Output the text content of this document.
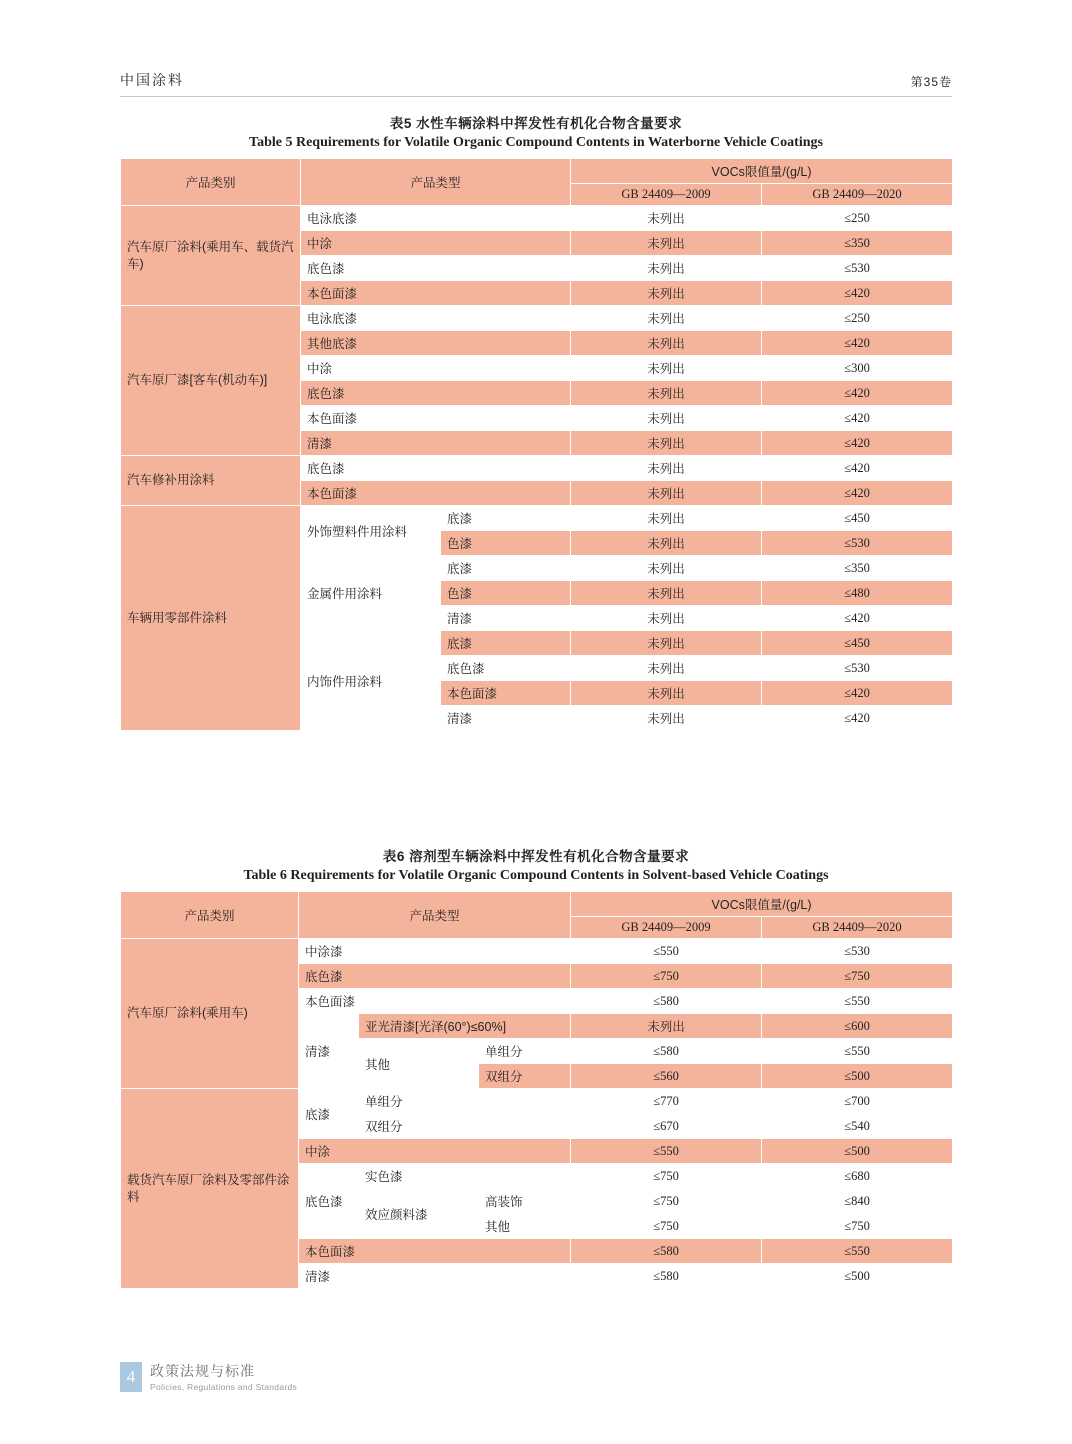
中国涂料	第35卷
表5 水性车辆涂料中挥发性有机化合物含量要求
Table 5 Requirements for Volatile Organic Compound Contents in Waterborne Vehicle Coatings
产品类别	产品类型		VOCs限值量/(g/L)	
			GB 24409—2009	GB 24409—2020
汽车原厂涂料(乘用车、载货汽车)	电泳底漆		未列出	≤250
	中涂		未列出	≤350
	底色漆		未列出	≤530
	本色面漆		未列出	≤420
汽车原厂漆[客车(机动车)]	电泳底漆		未列出	≤250
	其他底漆		未列出	≤420
	中涂		未列出	≤300
	底色漆		未列出	≤420
	本色面漆		未列出	≤420
	清漆		未列出	≤420
汽车修补用涂料	底色漆		未列出	≤420
	本色面漆		未列出	≤420
车辆用零部件涂料	外饰塑料件用涂料	底漆	未列出	≤450
		色漆	未列出	≤530
	金属件用涂料	底漆	未列出	≤350
		色漆	未列出	≤480
		清漆	未列出	≤420
	内饰件用涂料	底漆	未列出	≤450
		底色漆	未列出	≤530
		本色面漆	未列出	≤420
		清漆	未列出	≤420
表6 溶剂型车辆涂料中挥发性有机化合物含量要求
Table 6 Requirements for Volatile Organic Compound Contents in Solvent-based Vehicle Coatings
产品类别	产品类型			VOCs限值量/(g/L)	
				GB 24409—2009	GB 24409—2020
汽车原厂涂料(乘用车)	中涂漆			≤550	≤530
	底色漆			≤750	≤750
	本色面漆			≤580	≤550
	清漆	亚光清漆[光泽(60°)≤60%]		未列出	≤600
		其他	单组分	≤580	≤550
			双组分	≤560	≤500
载货汽车原厂涂料及零部件涂料	底漆	单组分		≤770	≤700
		双组分		≤670	≤540
	中涂			≤550	≤500
	底色漆	实色漆		≤750	≤680
		效应颜料漆	高装饰	≤750	≤840
			其他	≤750	≤750
	本色面漆			≤580	≤550
	清漆			≤580	≤500
4	政策法规与标准
Policies, Regulations and Standards
